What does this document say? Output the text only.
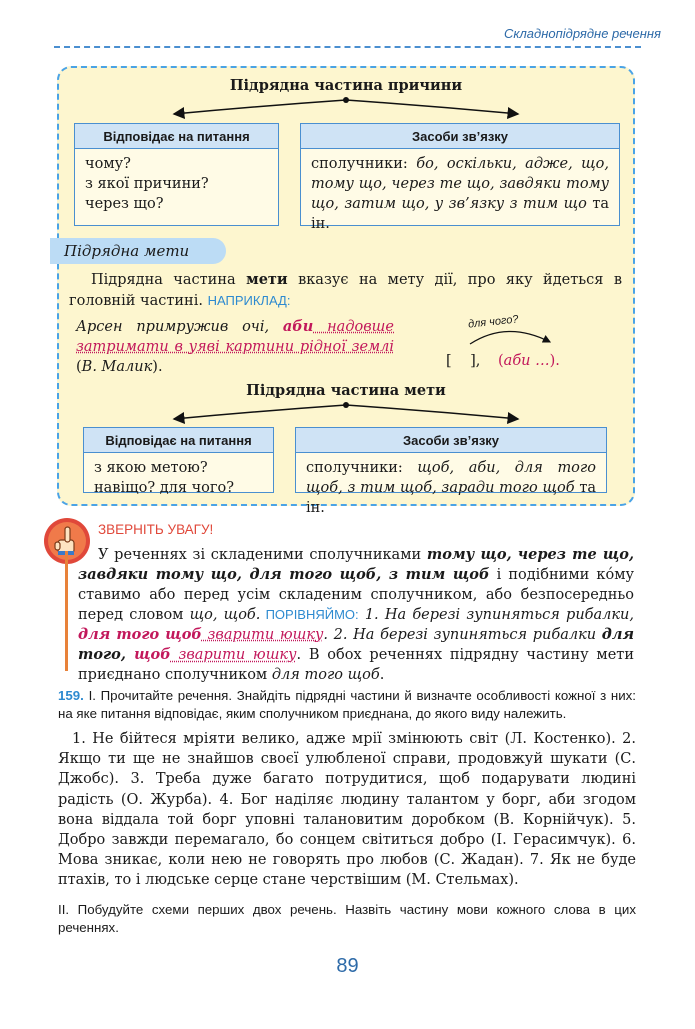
Складнопідрядне речення
Підрядна частина причини
Відповідає на питання
чому?
з якої причини?
через що?
Засоби зв’язку
сполучники: бо, оскільки, адже, що, тому що, через те що, завдяки тому що, затим що, у зв’язку з тим що та ін.
Підрядна мети
Підрядна частина мети вказує на мету дії, про яку йдеться в головній частині. НАПРИКЛАД:
Арсен примружив очі, аби надовше затримати в уяві картини рідної землі (В. Малик).
для чого?
[    ], (аби …).
Підрядна частина мети
Відповідає на питання
з якою метою?
навіщо? для чого?
Засоби зв’язку
сполучники: щоб, аби, для того щоб, з тим щоб, заради того щоб та ін.
ЗВЕРНІТЬ УВАГУ!
У реченнях зі складеними сполучниками тому що, через те що, завдяки тому що, для того щоб, з тим щоб і подібними кóму ставимо або перед усім складеним сполучником, або безпосередньо перед словом що, щоб. ПОРІВНЯЙМО: 1. На березі зупиняться рибалки, для того щоб зварити юшку. 2. На березі зупиняться рибалки для того, щоб зварити юшку. В обох реченнях підрядну частину мети приєднано сполучником для того щоб.
159. І. Прочитайте речення. Знайдіть підрядні частини й визначте особливості кожної з них: на яке питання відповідає, яким сполучником приєднана, до якого виду належить.
1. Не бійтеся мріяти велико, адже мрії змінюють світ (Л. Костенко). 2. Якщо ти ще не знайшов своєї улюбленої справи, продовжуй шукати (С. Джобс). 3. Треба дуже багато потрудитися, щоб подарувати людині радість (О. Журба). 4. Бог наділяє людину талантом у борг, аби згодом вона віддала той борг уповні талановитим доробком (В. Корнійчук). 5. Добро завжди перемагало, бо сонцем світиться добро (І. Герасимчук). 6. Мова зникає, коли нею не говорять про любов (С. Жадан). 7. Як не буде птахів, то і людське серце стане черствішим (М. Стельмах).
ІІ. Побудуйте схеми перших двох речень. Назвіть частину мови кожного слова в цих реченнях.
89
